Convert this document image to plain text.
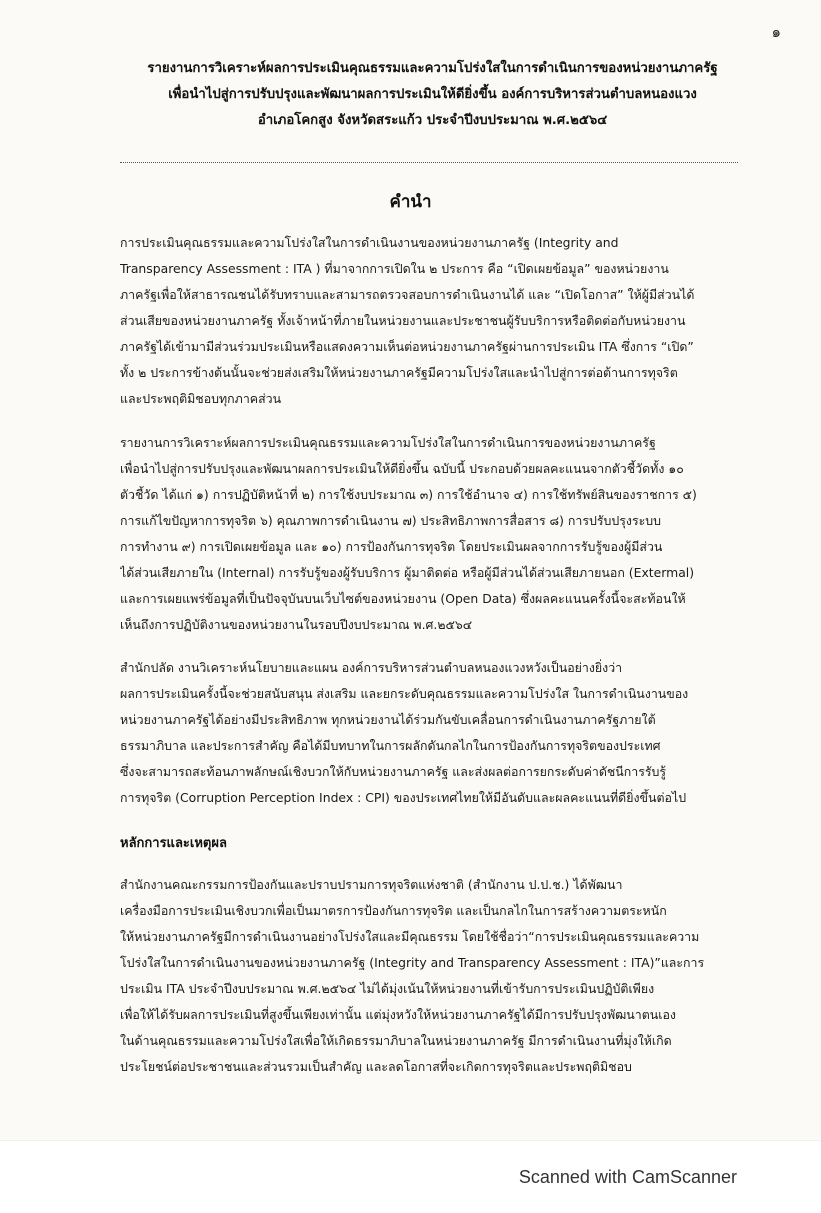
๑
รายงานการวิเคราะห์ผลการประเมินคุณธรรมและความโปร่งใสในการดำเนินการของหน่วยงานภาครัฐ
เพื่อนำไปสู่การปรับปรุงและพัฒนาผลการประเมินให้ดียิ่งขึ้น องค์การบริหารส่วนตำบลหนองแวง
อำเภอโคกสูง จังหวัดสระแก้ว ประจำปีงบประมาณ พ.ศ.๒๕๖๔
คำนำ
การประเมินคุณธรรมและความโปร่งใสในการดำเนินงานของหน่วยงานภาครัฐ (Integrity and
Transparency Assessment : ITA ) ที่มาจากการเปิดใน ๒ ประการ คือ “เปิดเผยข้อมูล” ของหน่วยงาน
ภาครัฐเพื่อให้สาธารณชนได้รับทราบและสามารถตรวจสอบการดำเนินงานได้ และ “เปิดโอกาส” ให้ผู้มีส่วนได้
ส่วนเสียของหน่วยงานภาครัฐ ทั้งเจ้าหน้าที่ภายในหน่วยงานและประชาชนผู้รับบริการหรือติดต่อกับหน่วยงาน
ภาครัฐได้เข้ามามีส่วนร่วมประเมินหรือแสดงความเห็นต่อหน่วยงานภาครัฐผ่านการประเมิน ITA ซึ่งการ “เปิด”
ทั้ง ๒ ประการข้างต้นนั้นจะช่วยส่งเสริมให้หน่วยงานภาครัฐมีความโปร่งใสและนำไปสู่การต่อต้านการทุจริต
และประพฤติมิชอบทุกภาคส่วน
รายงานการวิเคราะห์ผลการประเมินคุณธรรมและความโปร่งใสในการดำเนินการของหน่วยงานภาครัฐ
เพื่อนำไปสู่การปรับปรุงและพัฒนาผลการประเมินให้ดียิ่งขึ้น ฉบับนี้ ประกอบด้วยผลคะแนนจากตัวชี้วัดทั้ง ๑๐
ตัวชี้วัด ได้แก่ ๑) การปฏิบัติหน้าที่ ๒) การใช้งบประมาณ ๓) การใช้อำนาจ ๔) การใช้ทรัพย์สินของราชการ ๕)
การแก้ไขปัญหาการทุจริต ๖) คุณภาพการดำเนินงาน ๗) ประสิทธิภาพการสื่อสาร ๘) การปรับปรุงระบบ
การทำงาน ๙) การเปิดเผยข้อมูล และ ๑๐) การป้องกันการทุจริต โดยประเมินผลจากการรับรู้ของผู้มีส่วน
ได้ส่วนเสียภายใน (Internal) การรับรู้ของผู้รับบริการ ผู้มาติดต่อ หรือผู้มีส่วนได้ส่วนเสียภายนอก (Extermal)
และการเผยแพร่ข้อมูลที่เป็นปัจจุบันบนเว็บไซต์ของหน่วยงาน (Open Data) ซึ่งผลคะแนนครั้งนี้จะสะท้อนให้
เห็นถึงการปฏิบัติงานของหน่วยงานในรอบปีงบประมาณ พ.ศ.๒๕๖๔
สำนักปลัด งานวิเคราะห์นโยบายและแผน องค์การบริหารส่วนตำบลหนองแวงหวังเป็นอย่างยิ่งว่า
ผลการประเมินครั้งนี้จะช่วยสนับสนุน ส่งเสริม และยกระดับคุณธรรมและความโปร่งใส ในการดำเนินงานของ
หน่วยงานภาครัฐได้อย่างมีประสิทธิภาพ ทุกหน่วยงานได้ร่วมกันขับเคลื่อนการดำเนินงานภาครัฐภายใต้
ธรรมาภิบาล และประการสำคัญ คือได้มีบทบาทในการผลักดันกลไกในการป้องกันการทุจริตของประเทศ
ซึ่งจะสามารถสะท้อนภาพลักษณ์เชิงบวกให้กับหน่วยงานภาครัฐ และส่งผลต่อการยกระดับค่าดัชนีการรับรู้
การทุจริต (Corruption Perception Index : CPI) ของประเทศไทยให้มีอันดับและผลคะแนนที่ดียิ่งขึ้นต่อไป
หลักการและเหตุผล
สำนักงานคณะกรรมการป้องกันและปราบปรามการทุจริตแห่งชาติ (สำนักงาน ป.ป.ช.) ได้พัฒนา
เครื่องมือการประเมินเชิงบวกเพื่อเป็นมาตรการป้องกันการทุจริต และเป็นกลไกในการสร้างความตระหนัก
ให้หน่วยงานภาครัฐมีการดำเนินงานอย่างโปร่งใสและมีคุณธรรม โดยใช้ชื่อว่า“การประเมินคุณธรรมและความ
โปร่งใสในการดำเนินงานของหน่วยงานภาครัฐ (Integrity and Transparency Assessment : ITA)”และการ
ประเมิน ITA ประจำปีงบประมาณ พ.ศ.๒๕๖๔ ไม่ได้มุ่งเน้นให้หน่วยงานที่เข้ารับการประเมินปฏิบัติเพียง
เพื่อให้ได้รับผลการประเมินที่สูงขึ้นเพียงเท่านั้น แต่มุ่งหวังให้หน่วยงานภาครัฐได้มีการปรับปรุงพัฒนาตนเอง
ในด้านคุณธรรมและความโปร่งใสเพื่อให้เกิดธรรมาภิบาลในหน่วยงานภาครัฐ มีการดำเนินงานที่มุ่งให้เกิด
ประโยชน์ต่อประชาชนและส่วนรวมเป็นสำคัญ และลดโอกาสที่จะเกิดการทุจริตและประพฤติมิชอบ
Scanned with CamScanner
